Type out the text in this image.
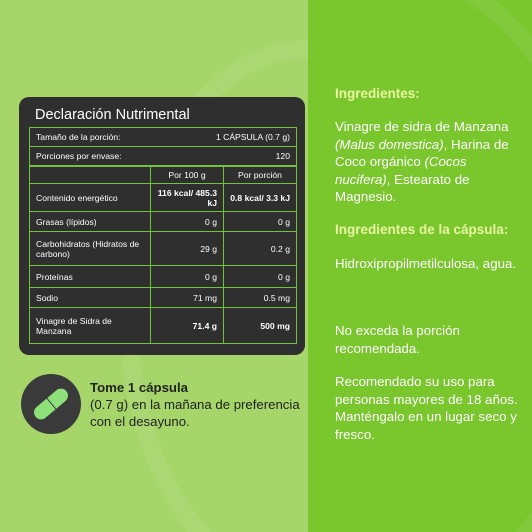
Declaración Nutrimental
Tamaño de la porción:	1 CÁPSULA (0.7 g)
Porciones por envase:	120
	Por 100 g	Por porción
Contenido energético	116 kcal/ 485.3 kJ	0.8 kcal/ 3.3 kJ
Grasas (lípidos)	0 g	0 g
Carbohidratos (Hidratos de carbono)	29 g	0.2 g
Proteínas	0 g	0 g
Sodio	71 mg	0.5 mg
Vinagre de Sidra de Manzana	71.4 g	500 mg
Tome 1 cápsula
(0.7 g) en la mañana de preferencia con el desayuno.
Ingredientes:
Vinagre de sidra de Manzana (Malus domestica), Harina de Coco orgánico (Cocos nucifera), Estearato de Magnesio.
Ingredientes de la cápsula:
Hidroxipropilmetilculosa, agua.
No exceda la porción recomendada.
Recomendado su uso para personas mayores de 18 años. Manténgalo en un lugar seco y fresco.
